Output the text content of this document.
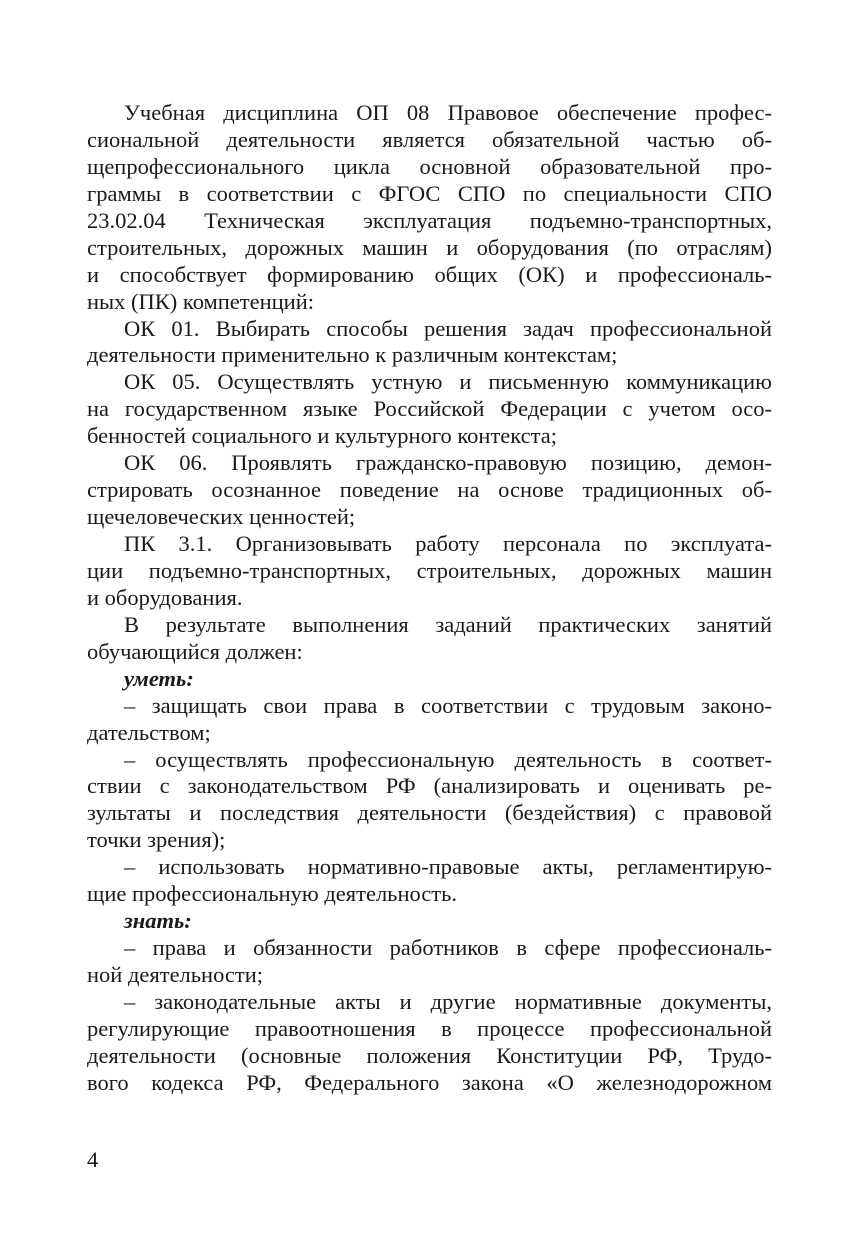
Учебная дисциплина ОП 08 Правовое обеспечение профес-
сиональной деятельности является обязательной частью об-
щепрофессионального цикла основной образовательной про-
граммы в соответствии с ФГОС СПО по специальности СПО
23.02.04 Техническая эксплуатация подъемно-транспортных,
строительных, дорожных машин и оборудования (по отраслям)
и способствует формированию общих (ОК) и профессиональ-
ных (ПК) компетенций:
ОК 01. Выбирать способы решения задач профессиональной
деятельности применительно к различным контекстам;
ОК 05. Осуществлять устную и письменную коммуникацию
на государственном языке Российской Федерации с учетом осо-
бенностей социального и культурного контекста;
ОК 06. Проявлять гражданско-правовую позицию, демон-
стрировать осознанное поведение на основе традиционных об-
щечеловеческих ценностей;
ПК 3.1. Организовывать работу персонала по эксплуата-
ции подъемно-транспортных, строительных, дорожных машин
и оборудования.
В результате выполнения заданий практических занятий
обучающийся должен:
уметь:
– защищать свои права в соответствии с трудовым законо-
дательством;
– осуществлять профессиональную деятельность в соответ-
ствии с законодательством РФ (анализировать и оценивать ре-
зультаты и последствия деятельности (бездействия) с правовой
точки зрения);
– использовать нормативно-правовые акты, регламентирую-
щие профессиональную деятельность.
знать:
– права и обязанности работников в сфере профессиональ-
ной деятельности;
– законодательные акты и другие нормативные документы,
регулирующие правоотношения в процессе профессиональной
деятельности (основные положения Конституции РФ, Трудо-
вого кодекса РФ, Федерального закона «О железнодорожном
4
